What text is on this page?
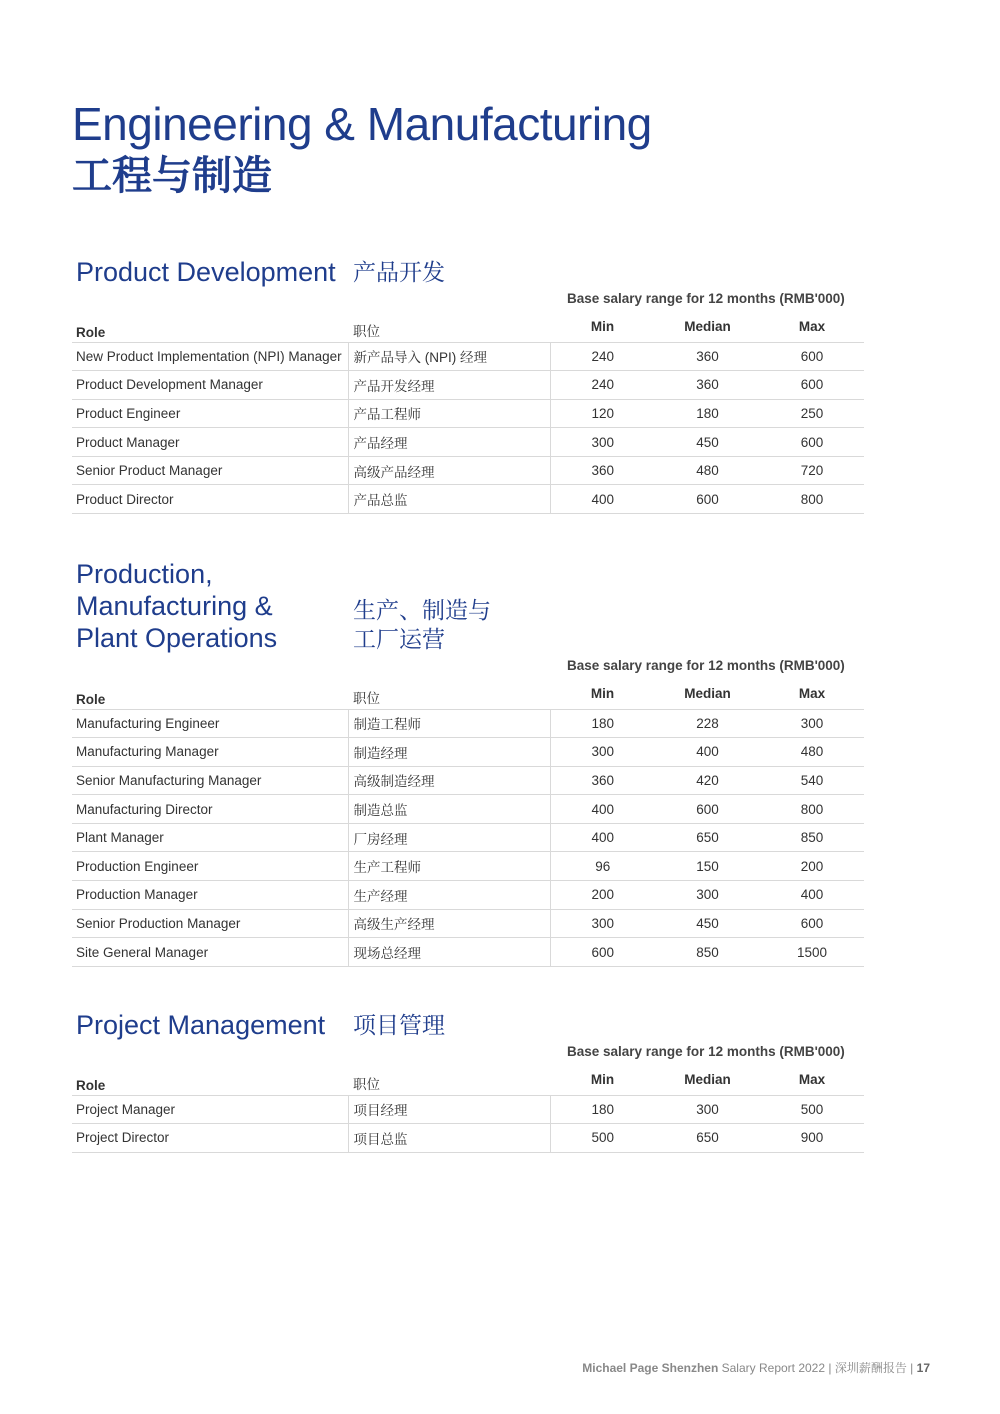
Engineering & Manufacturing
工程与制造
Product Development 产品开发
Base salary range for 12 months (RMB'000)
Role	职位	Min	Median	Max
New Product Implementation (NPI) Manager	新产品导入 (NPI) 经理	240	360	600
Product Development Manager	产品开发经理	240	360	600
Product Engineer	产品工程师	120	180	250
Product Manager	产品经理	300	450	600
Senior Product Manager	高级产品经理	360	480	720
Product Director	产品总监	400	600	800
Production,
Manufacturing &
Plant Operations
生产、制造与
工厂运营
Base salary range for 12 months (RMB'000)
Role	职位	Min	Median	Max
Manufacturing Engineer	制造工程师	180	228	300
Manufacturing Manager	制造经理	300	400	480
Senior Manufacturing Manager	高级制造经理	360	420	540
Manufacturing Director	制造总监	400	600	800
Plant Manager	厂房经理	400	650	850
Production Engineer	生产工程师	96	150	200
Production Manager	生产经理	200	300	400
Senior Production Manager	高级生产经理	300	450	600
Site General Manager	现场总经理	600	850	1500
Project Management 项目管理
Base salary range for 12 months (RMB'000)
Role	职位	Min	Median	Max
Project Manager	项目经理	180	300	500
Project Director	项目总监	500	650	900
Michael Page Shenzhen Salary Report 2022 | 深圳薪酬报告 | 17
